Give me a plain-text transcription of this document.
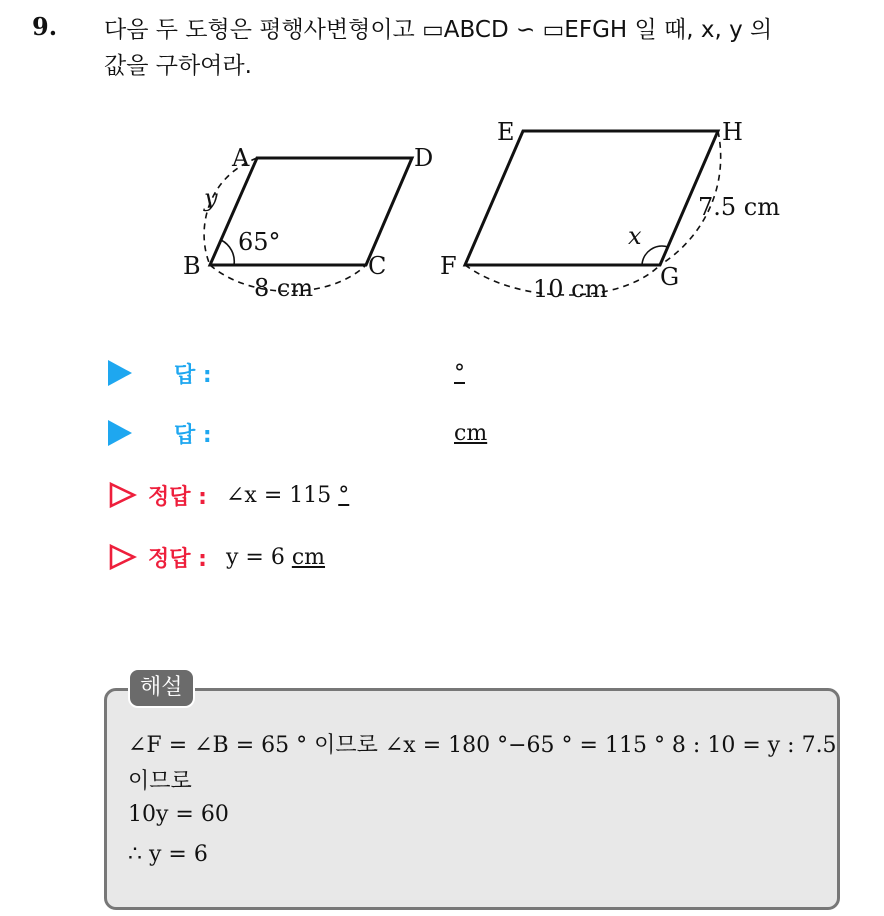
9. 다음 두 도형은 평행사변형이고 ▭ABCD ∽ ▭EFGH 일 때, x, y 의
값을 구하여라.
A
B	C
D
65°
y
8 cm
E
F	G
H
x
7.5 cm
10 cm
답 :	°
답 :	cm
정답 : ∠x = 115 °
정답 : y = 6 cm
해설
∠F = ∠B = 65 ° 이므로 ∠x = 180 °−65 ° = 115 ° 8 : 10 = y : 7.5
이므로
10y = 60
∴ y = 6
